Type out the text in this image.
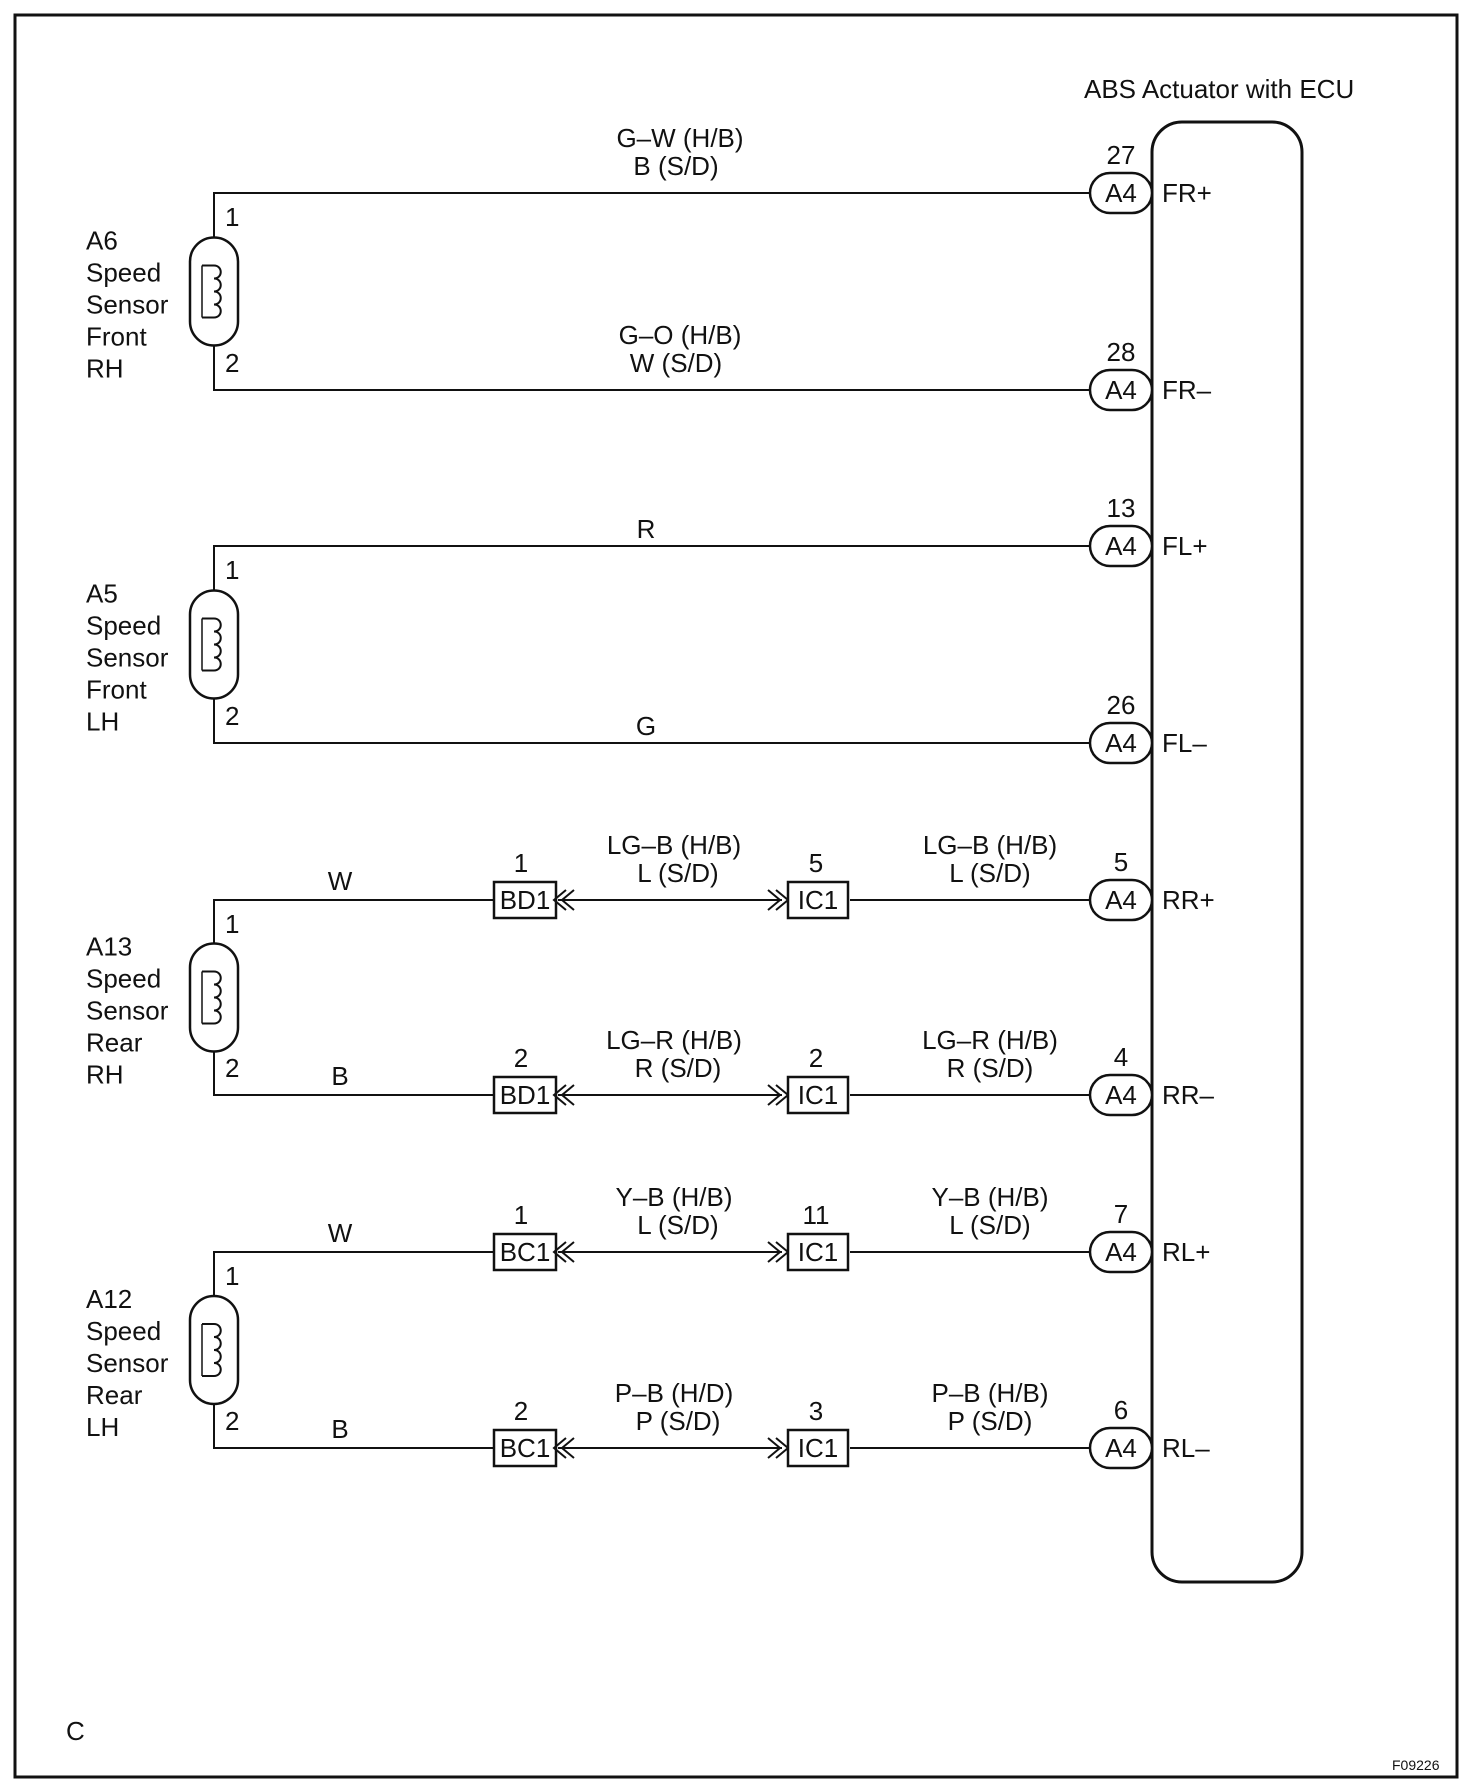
ABS Actuator with ECU
A4
27
FR+
A4
28
FR–
A4
13
FL+
A4
26
FL–
A4
5
RR+
A4
4
RR–
A4
7
RL+
A4
6
RL–
1
2
A6
Speed
Sensor
Front
RH
1
2
A5
Speed
Sensor
Front
LH
1
2
A13
Speed
Sensor
Rear
RH
1
2
A12
Speed
Sensor
Rear
LH
G–W (H/B)
B (S/D)
G–O (H/B)
W (S/D)
R
G
W
BD1
1
LG–B (H/B)
L (S/D)
IC1
5
LG–B (H/B)
L (S/D)
B
BD1
2
LG–R (H/B)
R (S/D)
IC1
2
LG–R (H/B)
R (S/D)
W
BC1
1
Y–B (H/B)
L (S/D)
IC1
11
Y–B (H/B)
L (S/D)
B
BC1
2
P–B (H/D)
P (S/D)
IC1
3
P–B (H/B)
P (S/D)
C
F09226
